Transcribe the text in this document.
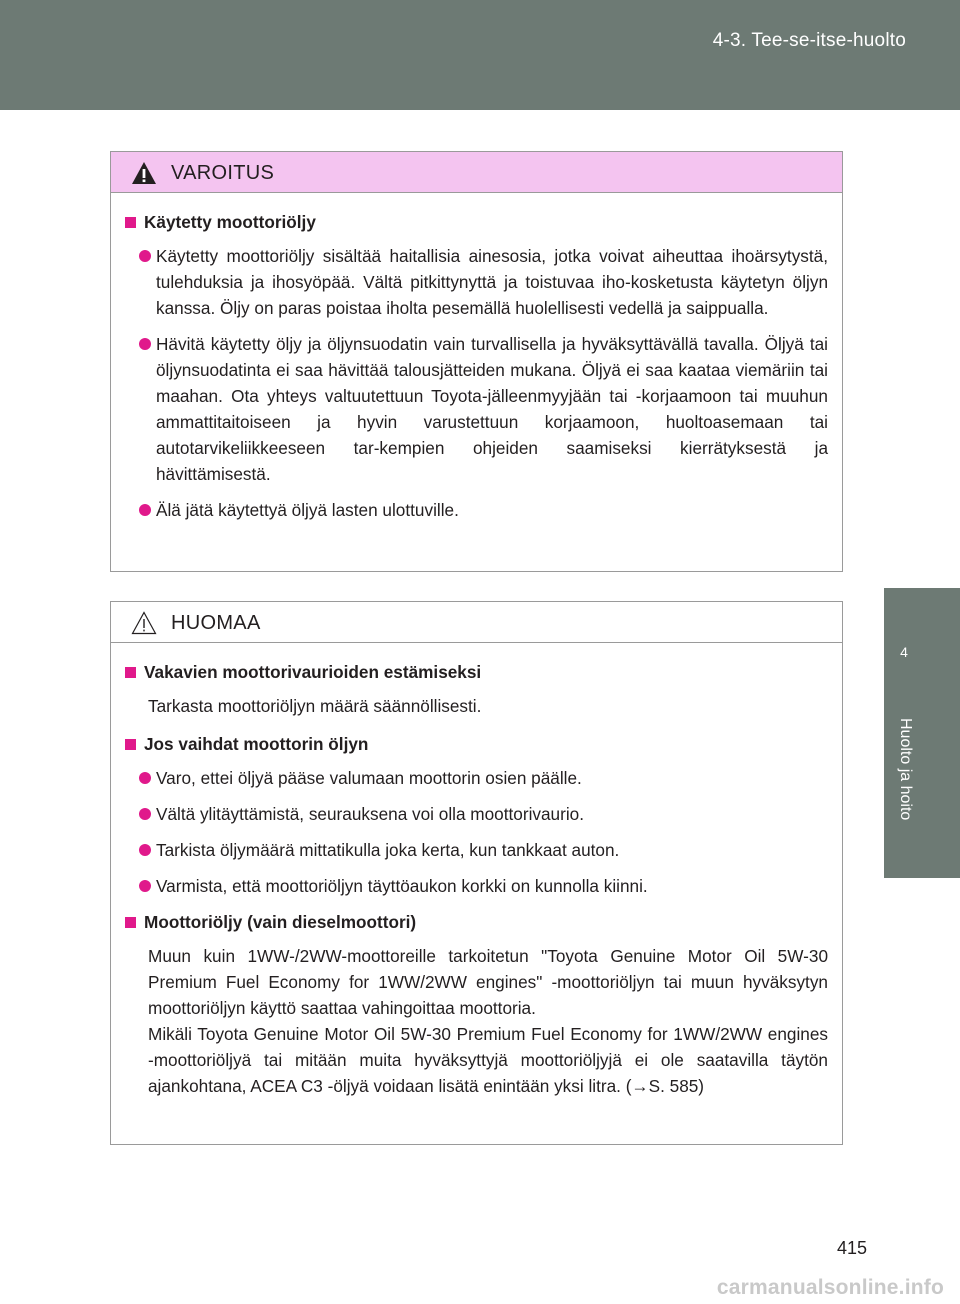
4-3. Tee-se-itse-huolto
4
Huolto ja hoito
VAROITUS
Käytetty moottoriöljy
Käytetty moottoriöljy sisältää haitallisia ainesosia, jotka voivat aiheuttaa ihoärsytystä, tulehduksia ja ihosyöpää. Vältä pitkittynyttä ja toistuvaa iho-kosketusta käytetyn öljyn kanssa. Öljy on paras poistaa iholta pesemällä huolellisesti vedellä ja saippualla.
Hävitä käytetty öljy ja öljynsuodatin vain turvallisella ja hyväksyttävällä tavalla. Öljyä tai öljynsuodatinta ei saa hävittää talousjätteiden mukana. Öljyä ei saa kaataa viemäriin tai maahan. Ota yhteys valtuutettuun Toyota-jälleenmyyjään tai -korjaamoon tai muuhun ammattitaitoiseen ja hyvin varustettuun korjaamoon, huoltoasemaan tai autotarvikeliikkeeseen tar-kempien ohjeiden saamiseksi kierrätyksestä ja hävittämisestä.
Älä jätä käytettyä öljyä lasten ulottuville.
HUOMAA
Vakavien moottorivaurioiden estämiseksi
Tarkasta moottoriöljyn määrä säännöllisesti.
Jos vaihdat moottorin öljyn
Varo, ettei öljyä pääse valumaan moottorin osien päälle.
Vältä ylitäyttämistä, seurauksena voi olla moottorivaurio.
Tarkista öljymäärä mittatikulla joka kerta, kun tankkaat auton.
Varmista, että moottoriöljyn täyttöaukon korkki on kunnolla kiinni.
Moottoriöljy (vain dieselmoottori)
Muun kuin 1WW-/2WW-moottoreille tarkoitetun "Toyota Genuine Motor Oil 5W-30 Premium Fuel Economy for 1WW/2WW engines" -moottoriöljyn tai muun hyväksytyn moottoriöljyn käyttö saattaa vahingoittaa moottoria.
Mikäli Toyota Genuine Motor Oil 5W-30 Premium Fuel Economy for 1WW/2WW engines -moottoriöljyä tai mitään muita hyväksyttyjä moottoriöljyjä ei ole saatavilla täytön ajankohtana, ACEA C3 -öljyä voidaan lisätä enintään yksi litra. (→S. 585)
415
carmanualsonline.info
